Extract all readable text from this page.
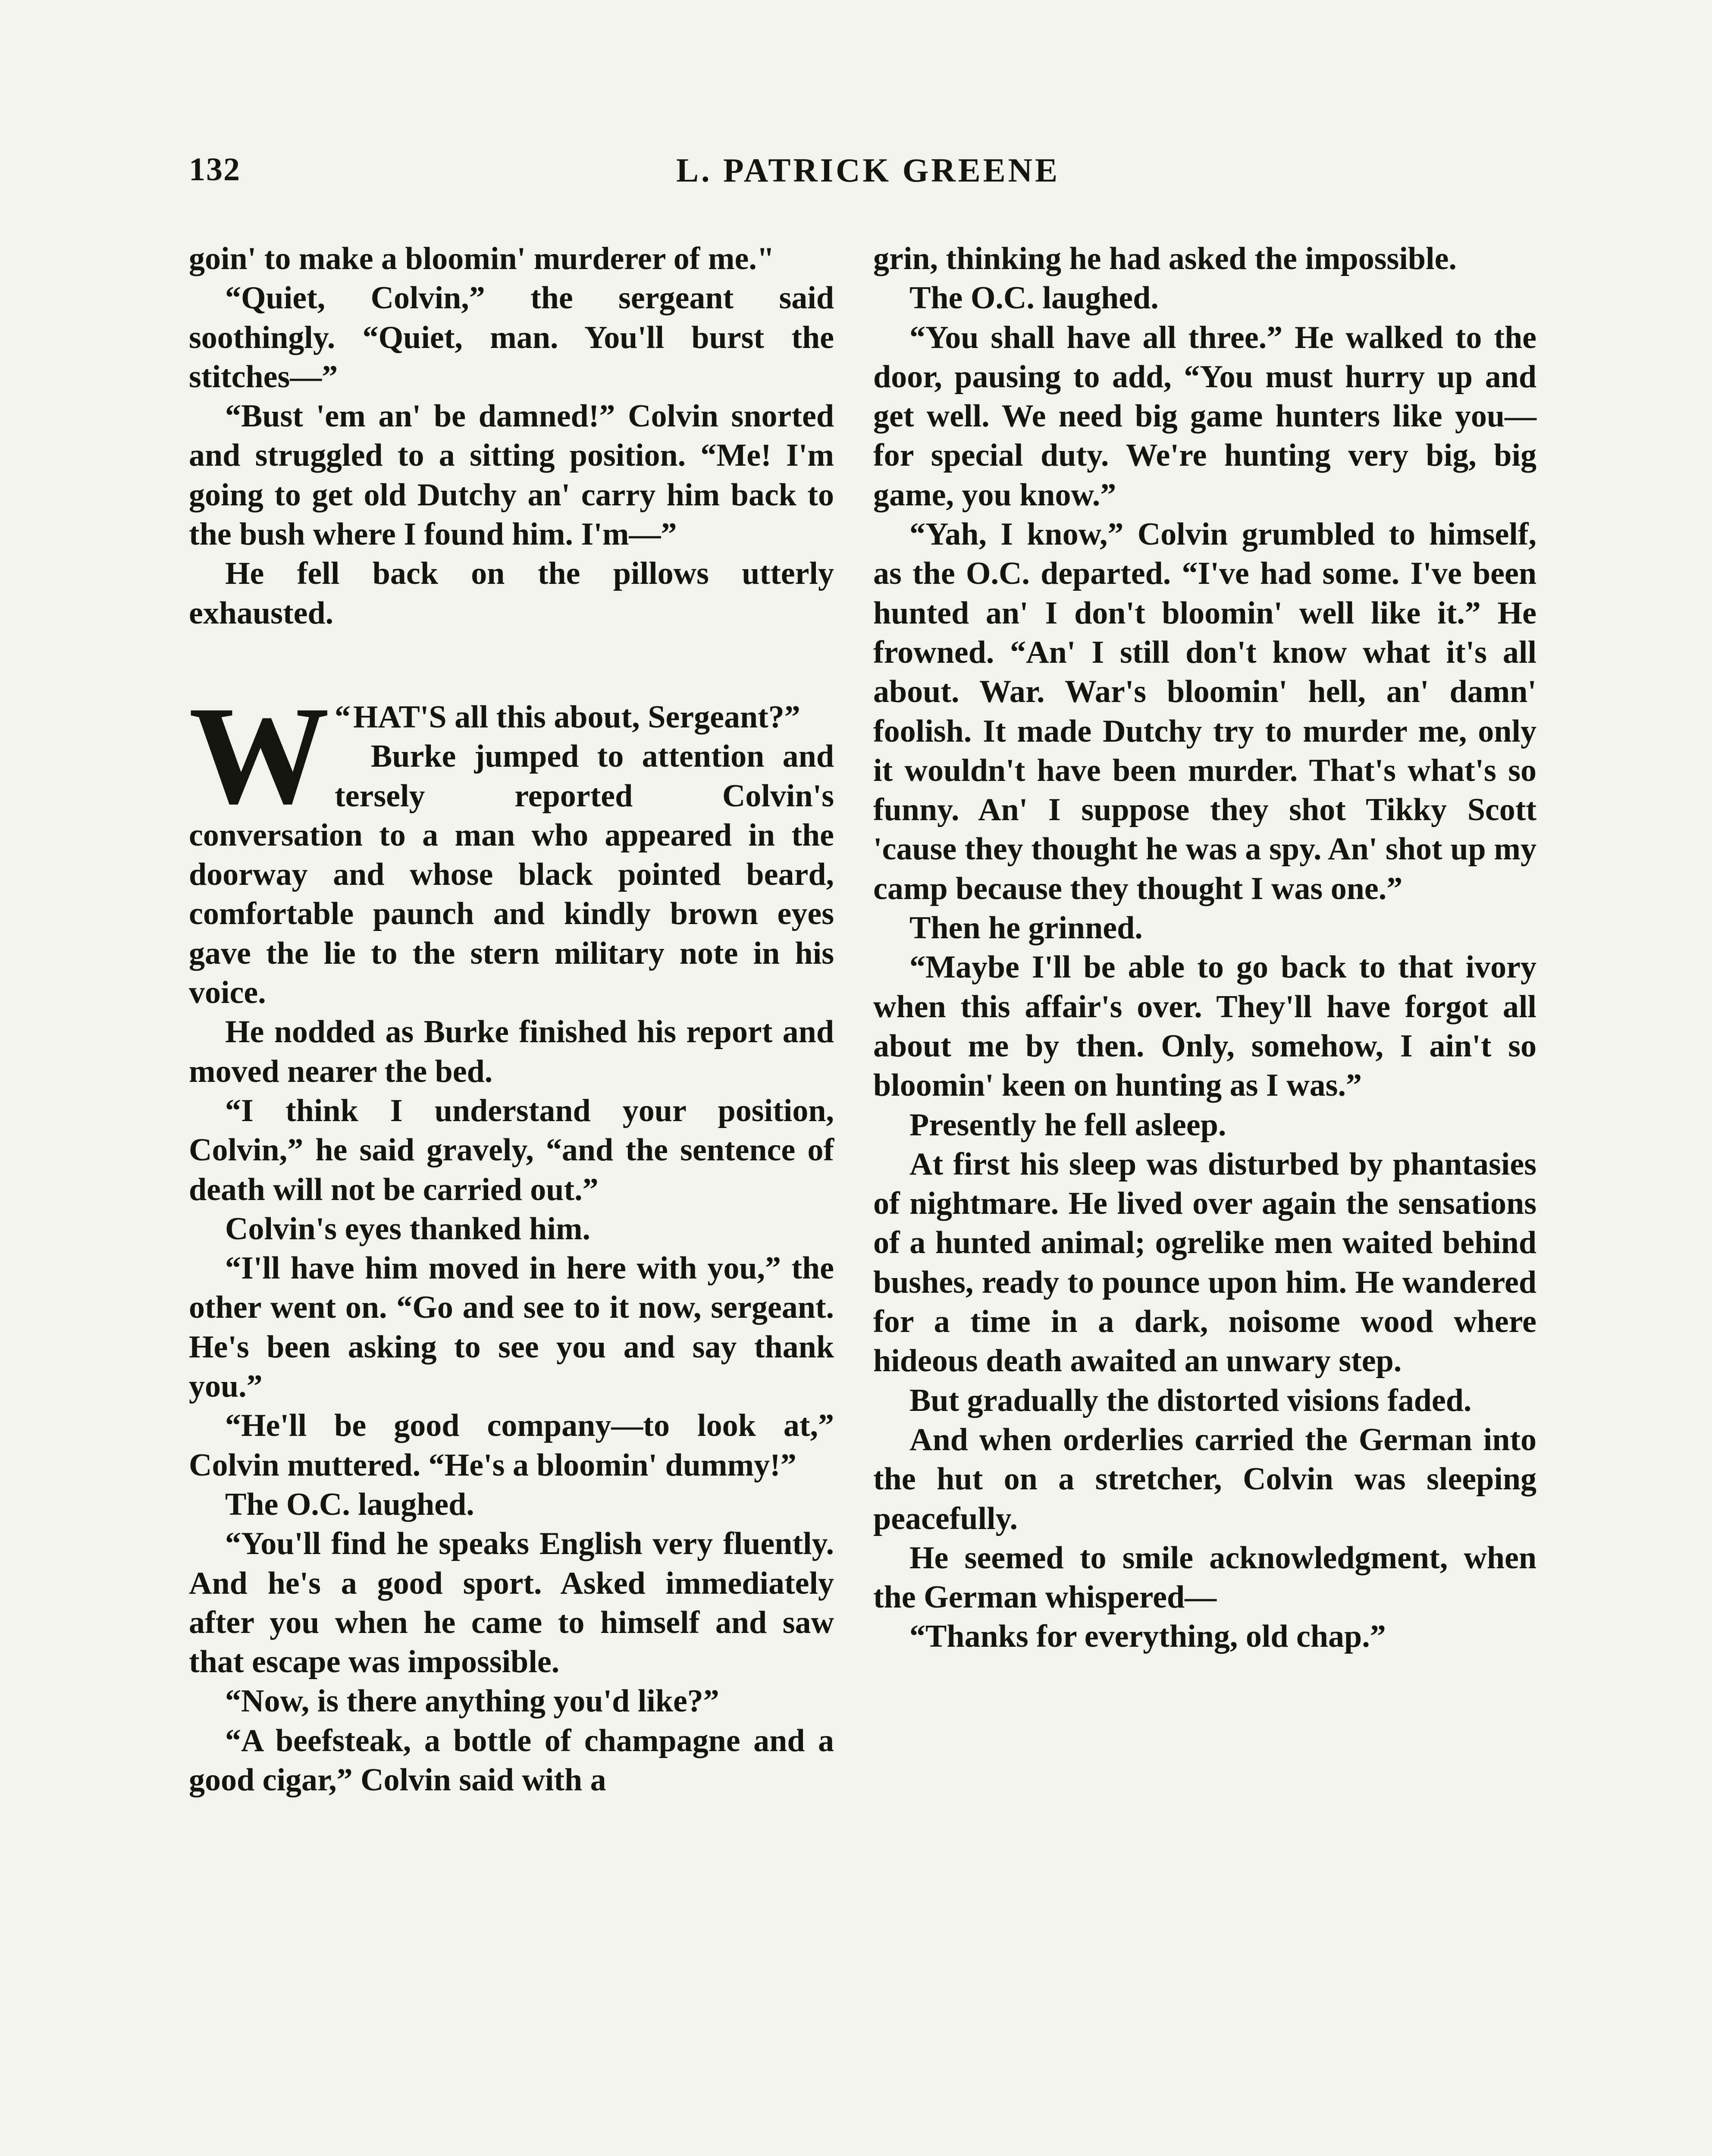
132	L. PATRICK GREENE

goin' to make a bloomin' murderer of me."

“Quiet, Colvin,” the sergeant said soothingly. “Quiet, man. You'll burst the stitches—”

“Bust 'em an' be damned!” Colvin snorted and struggled to a sitting position. “Me! I'm going to get old Dutchy an' carry him back to the bush where I found him. I'm—”

He fell back on the pillows utterly exhausted.

“
W HAT'S all this about, Sergeant?”

Burke jumped to attention and tersely reported Colvin's conversation to a man who appeared in the doorway and whose black pointed beard, comfortable paunch and kindly brown eyes gave the lie to the stern military note in his voice.

He nodded as Burke finished his report and moved nearer the bed.

“I think I understand your position, Colvin,” he said gravely, “and the sentence of death will not be carried out.”

Colvin's eyes thanked him.

“I'll have him moved in here with you,” the other went on. “Go and see to it now, sergeant. He's been asking to see you and say thank you.”

“He'll be good company—to look at,” Colvin muttered. “He's a bloomin' dummy!”

The O.C. laughed.

“You'll find he speaks English very fluently. And he's a good sport. Asked immediately after you when he came to himself and saw that escape was impossible.

“Now, is there anything you'd like?”

“A beefsteak, a bottle of champagne and a good cigar,” Colvin said with a

grin, thinking he had asked the impossible.

The O.C. laughed.

“You shall have all three.” He walked to the door, pausing to add, “You must hurry up and get well. We need big game hunters like you—for special duty. We're hunting very big, big game, you know.”

“Yah, I know,” Colvin grumbled to himself, as the O.C. departed. “I've had some. I've been hunted an' I don't bloomin' well like it.” He frowned. “An' I still don't know what it's all about. War. War's bloomin' hell, an' damn' foolish. It made Dutchy try to murder me, only it wouldn't have been murder. That's what's so funny. An' I suppose they shot Tikky Scott 'cause they thought he was a spy. An' shot up my camp because they thought I was one.”

Then he grinned.

“Maybe I'll be able to go back to that ivory when this affair's over. They'll have forgot all about me by then. Only, somehow, I ain't so bloomin' keen on hunting as I was.”

Presently he fell asleep.

At first his sleep was disturbed by phantasies of nightmare. He lived over again the sensations of a hunted animal; ogrelike men waited behind bushes, ready to pounce upon him. He wandered for a time in a dark, noisome wood where hideous death awaited an unwary step.

But gradually the distorted visions faded.

And when orderlies carried the German into the hut on a stretcher, Colvin was sleeping peacefully.

He seemed to smile acknowledgment, when the German whispered—

“Thanks for everything, old chap.”
